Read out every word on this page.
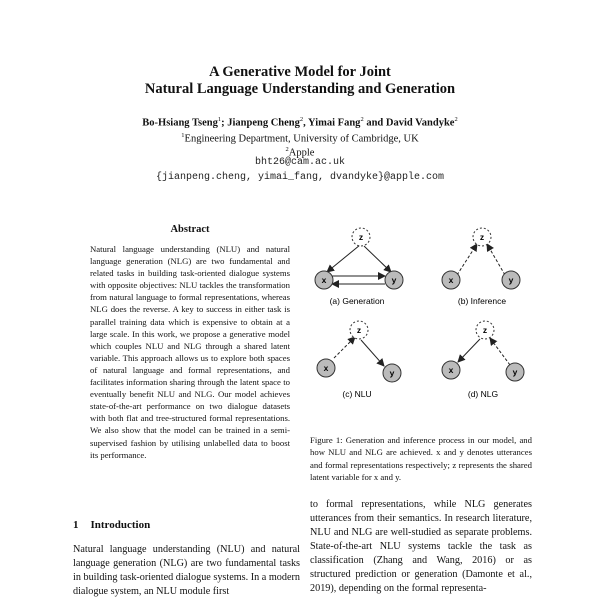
A Generative Model for Joint
Natural Language Understanding and Generation
Bo-Hsiang Tseng$^1$; Jianpeng Cheng$^2$, Yimai Fang$^2$ and David Vandyke$^2$
$^1$Engineering Department, University of Cambridge, UK
$^2$Apple
bht26@cam.ac.uk
{jianpeng.cheng, yimai_fang, dvandyke}@apple.com
Abstract

Natural language understanding (NLU) and natural language generation (NLG) are two fundamental and related tasks in building task-oriented dialogue systems with opposite objectives: NLU tackles the transformation from natural language to formal representations, whereas NLG does the reverse. A key to success in either task is parallel training data which is expensive to obtain at a large scale. In this work, we propose a generative model which couples NLU and NLG through a shared latent variable. This approach allows us to explore both spaces of natural language and formal representations, and facilitates information sharing through the latent space to eventually benefit NLU and NLG. Our model achieves state-of-the-art performance on two dialogue datasets with both flat and tree-structured formal representations. We also show that the model can be trained in a semi-supervised fashion by utilising unlabelled data to boost its performance.

1 Introduction
Natural language understanding (NLU) and natural language generation (NLG) are two fundamental tasks in building task-oriented dialogue systems. In a modern dialogue system, an NLU module first
z
x	y
(a) Generation
z
x	y
(b) Inference
z
x	y
(c) NLU
z
x	y
(d) NLG
Figure 1: Generation and inference process in our model, and how NLU and NLG are achieved. x and y denotes utterances and formal representations respectively; z represents the shared latent variable for x and y.
to formal representations, while NLG generates utterances from their semantics. In research literature, NLU and NLG are well-studied as separate problems. State-of-the-art NLU systems tackle the task as classification (Zhang and Wang, 2016) or as structured prediction or generation (Damonte et al., 2019), depending on the formal representa-
